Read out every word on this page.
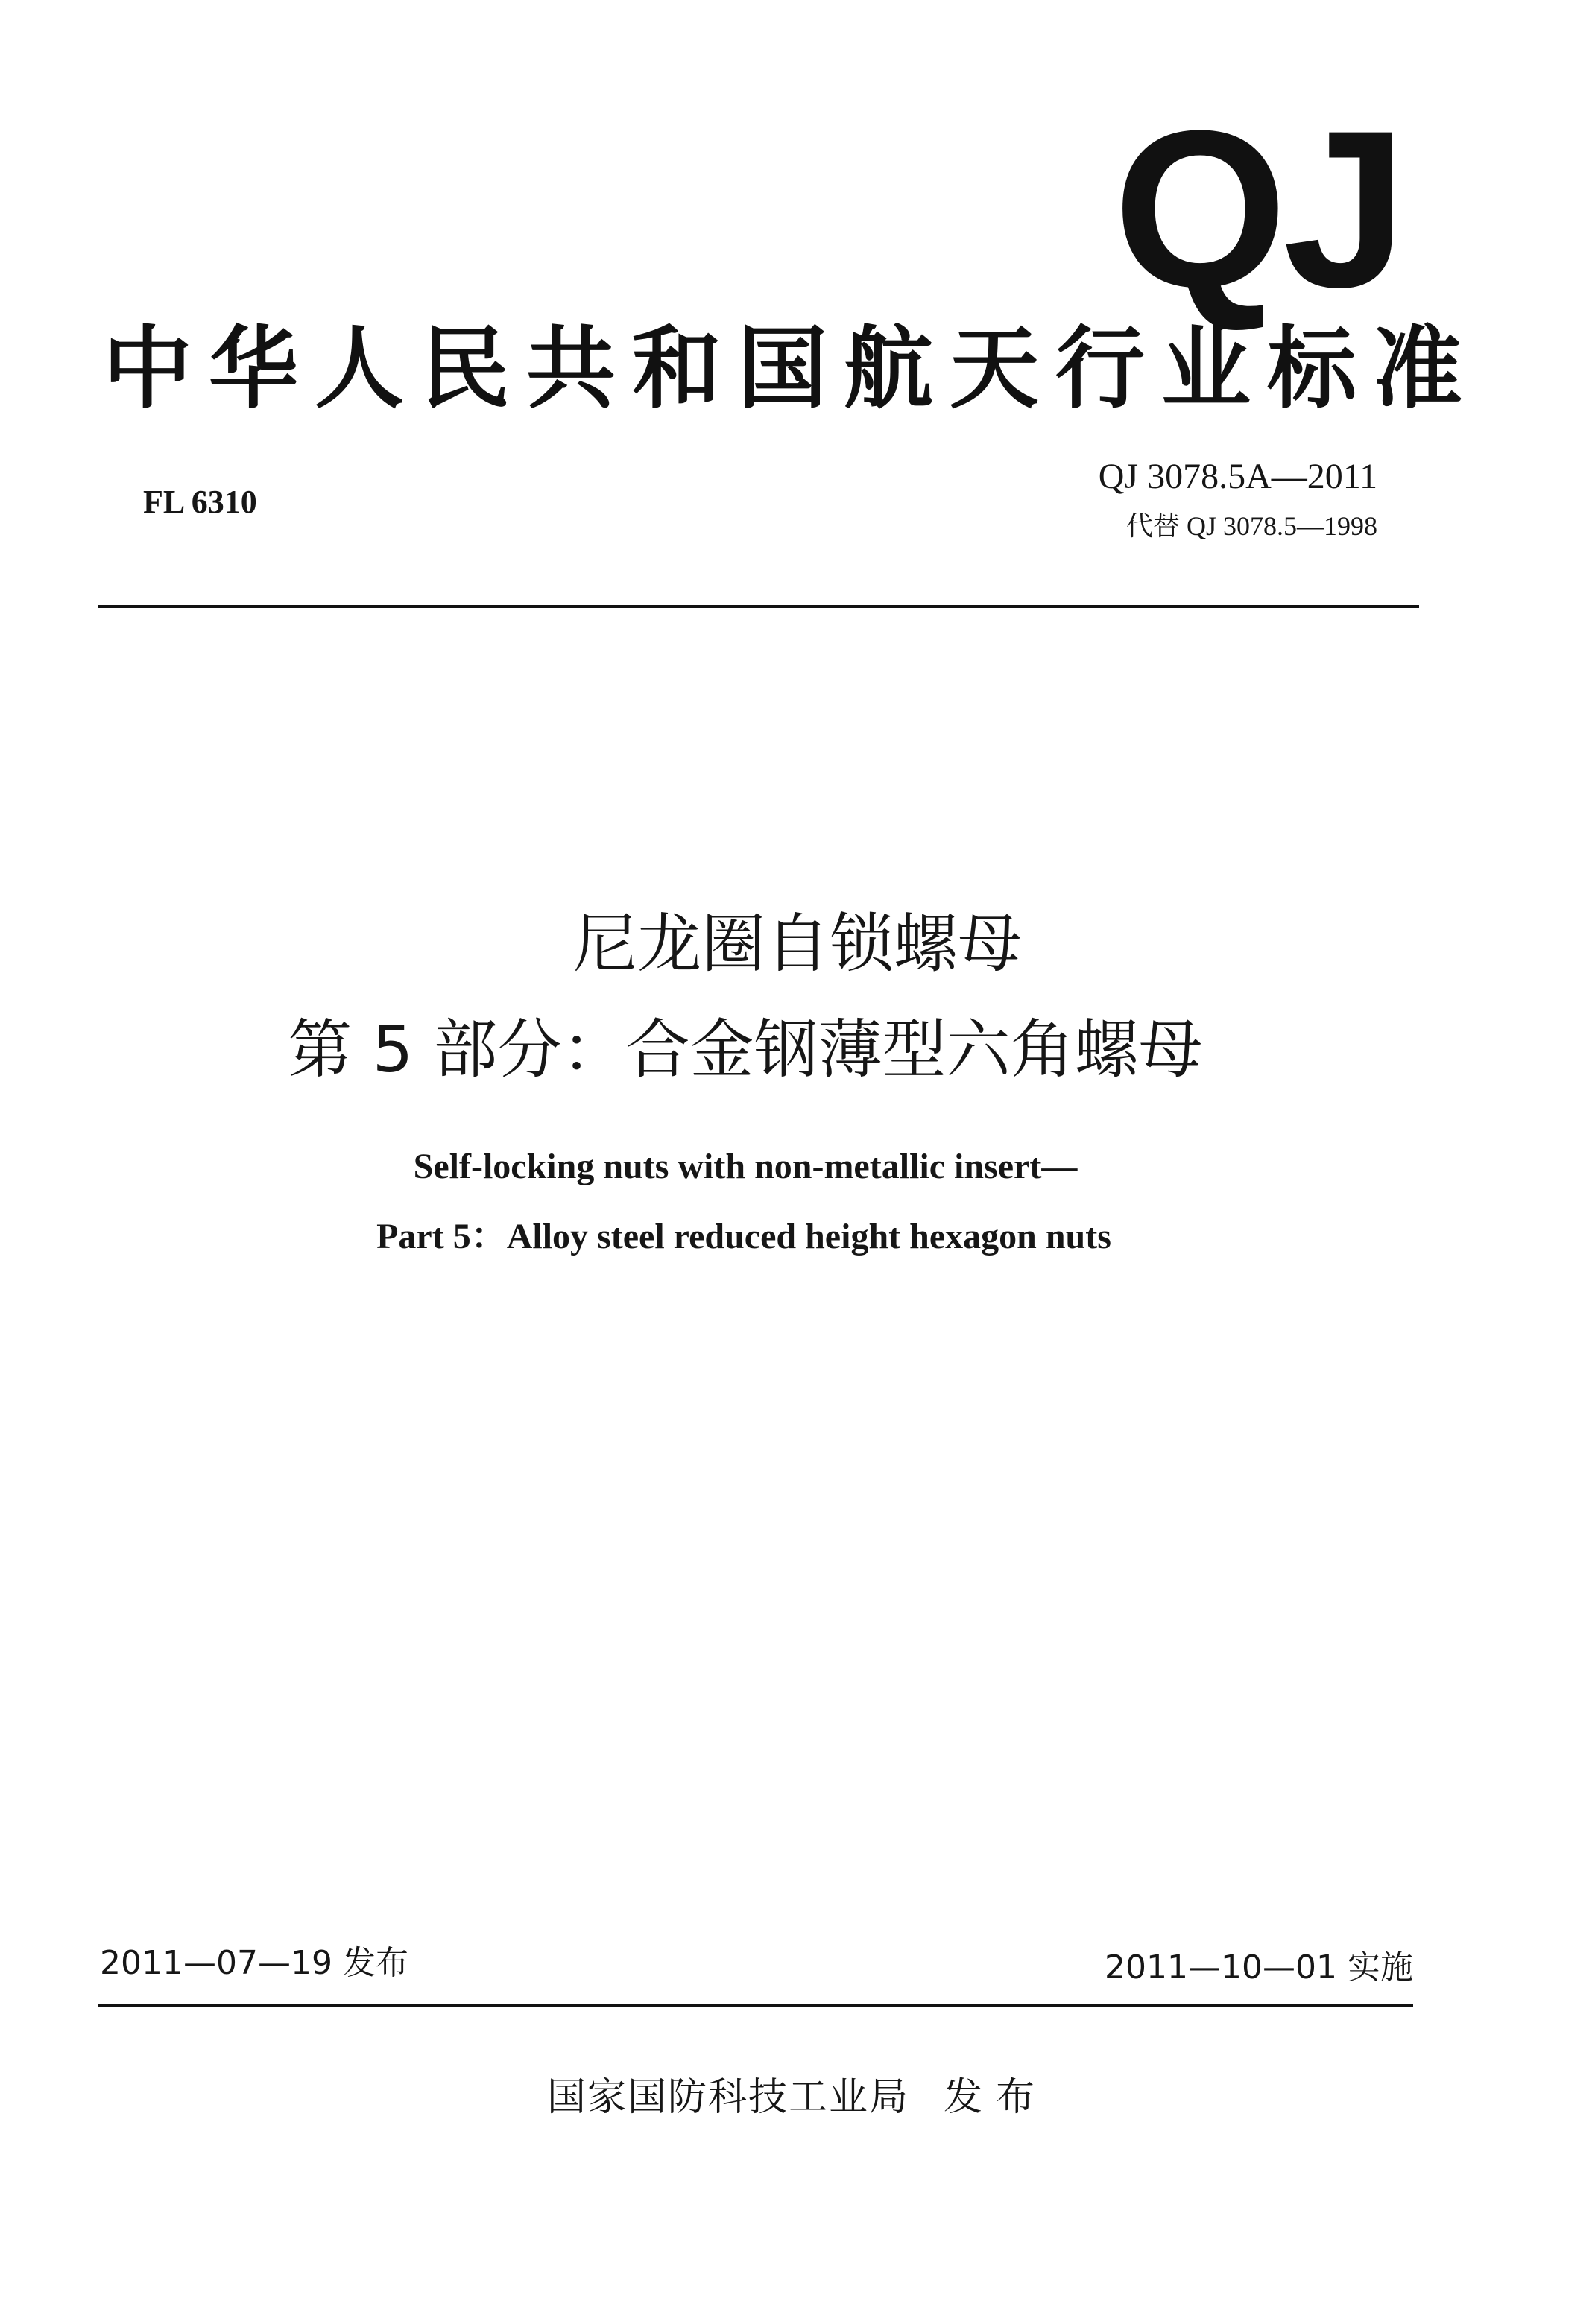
QJ
中华人民共和国航天行业标准
FL 6310
QJ 3078.5A—2011
代替 QJ 3078.5—1998
尼龙圈自锁螺母
第 5 部分：合金钢薄型六角螺母
Self-locking nuts with non-metallic insert—
Part 5：Alloy steel reduced height hexagon nuts
2011—07—19 发布	2011—10—01 实施
国家国防科技工业局 发布
